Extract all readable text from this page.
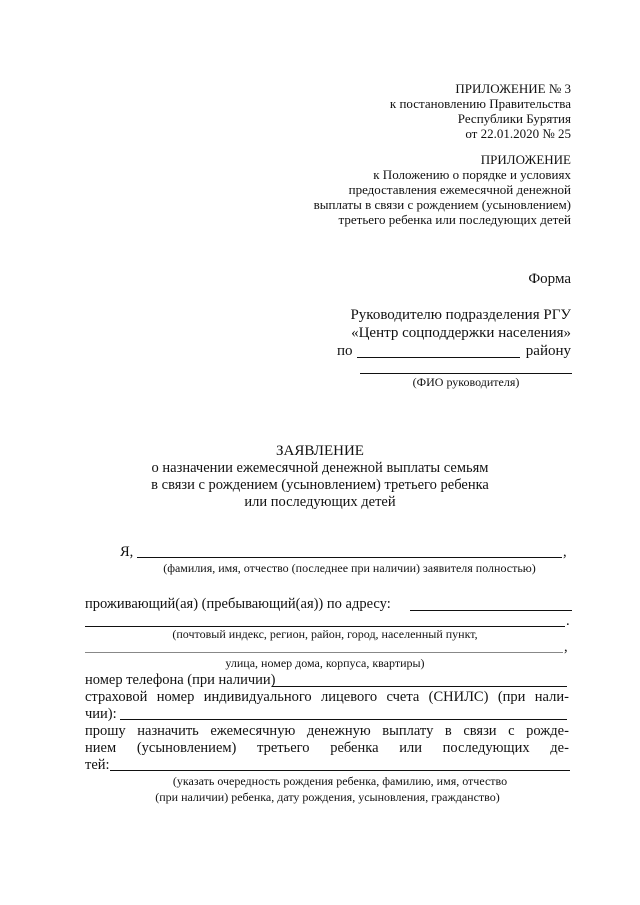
ПРИЛОЖЕНИЕ № 3
к постановлению Правительства
Республики Бурятия
от 22.01.2020 № 25
ПРИЛОЖЕНИЕ
к Положению о порядке и условиях
предоставления ежемесячной денежной
выплаты в связи с рождением (усыновлением)
третьего ребенка или последующих детей
Форма
Руководителю подразделения РГУ
«Центр соцподдержки населения»
по	району
(ФИО руководителя)
ЗАЯВЛЕНИЕ
о назначении ежемесячной денежной выплаты семьям
в связи с рождением (усыновлением) третьего ребенка
или последующих детей
Я,	,
(фамилия, имя, отчество (последнее при наличии) заявителя полностью)
проживающий(ая) (пребывающий(ая)) по адресу:
.
(почтовый индекс, регион, район, город, населенный пункт,
,
улица, номер дома, корпуса, квартиры)
номер телефона (при наличии)
страховой номер индивидуального лицевого счета (СНИЛС) (при нали-
чии):
прошу назначить ежемесячную денежную выплату в связи с рожде-
нием (усыновлением) третьего ребенка или последующих де-
тей:
(указать очередность рождения ребенка, фамилию, имя, отчество
(при наличии) ребенка, дату рождения, усыновления, гражданство)
